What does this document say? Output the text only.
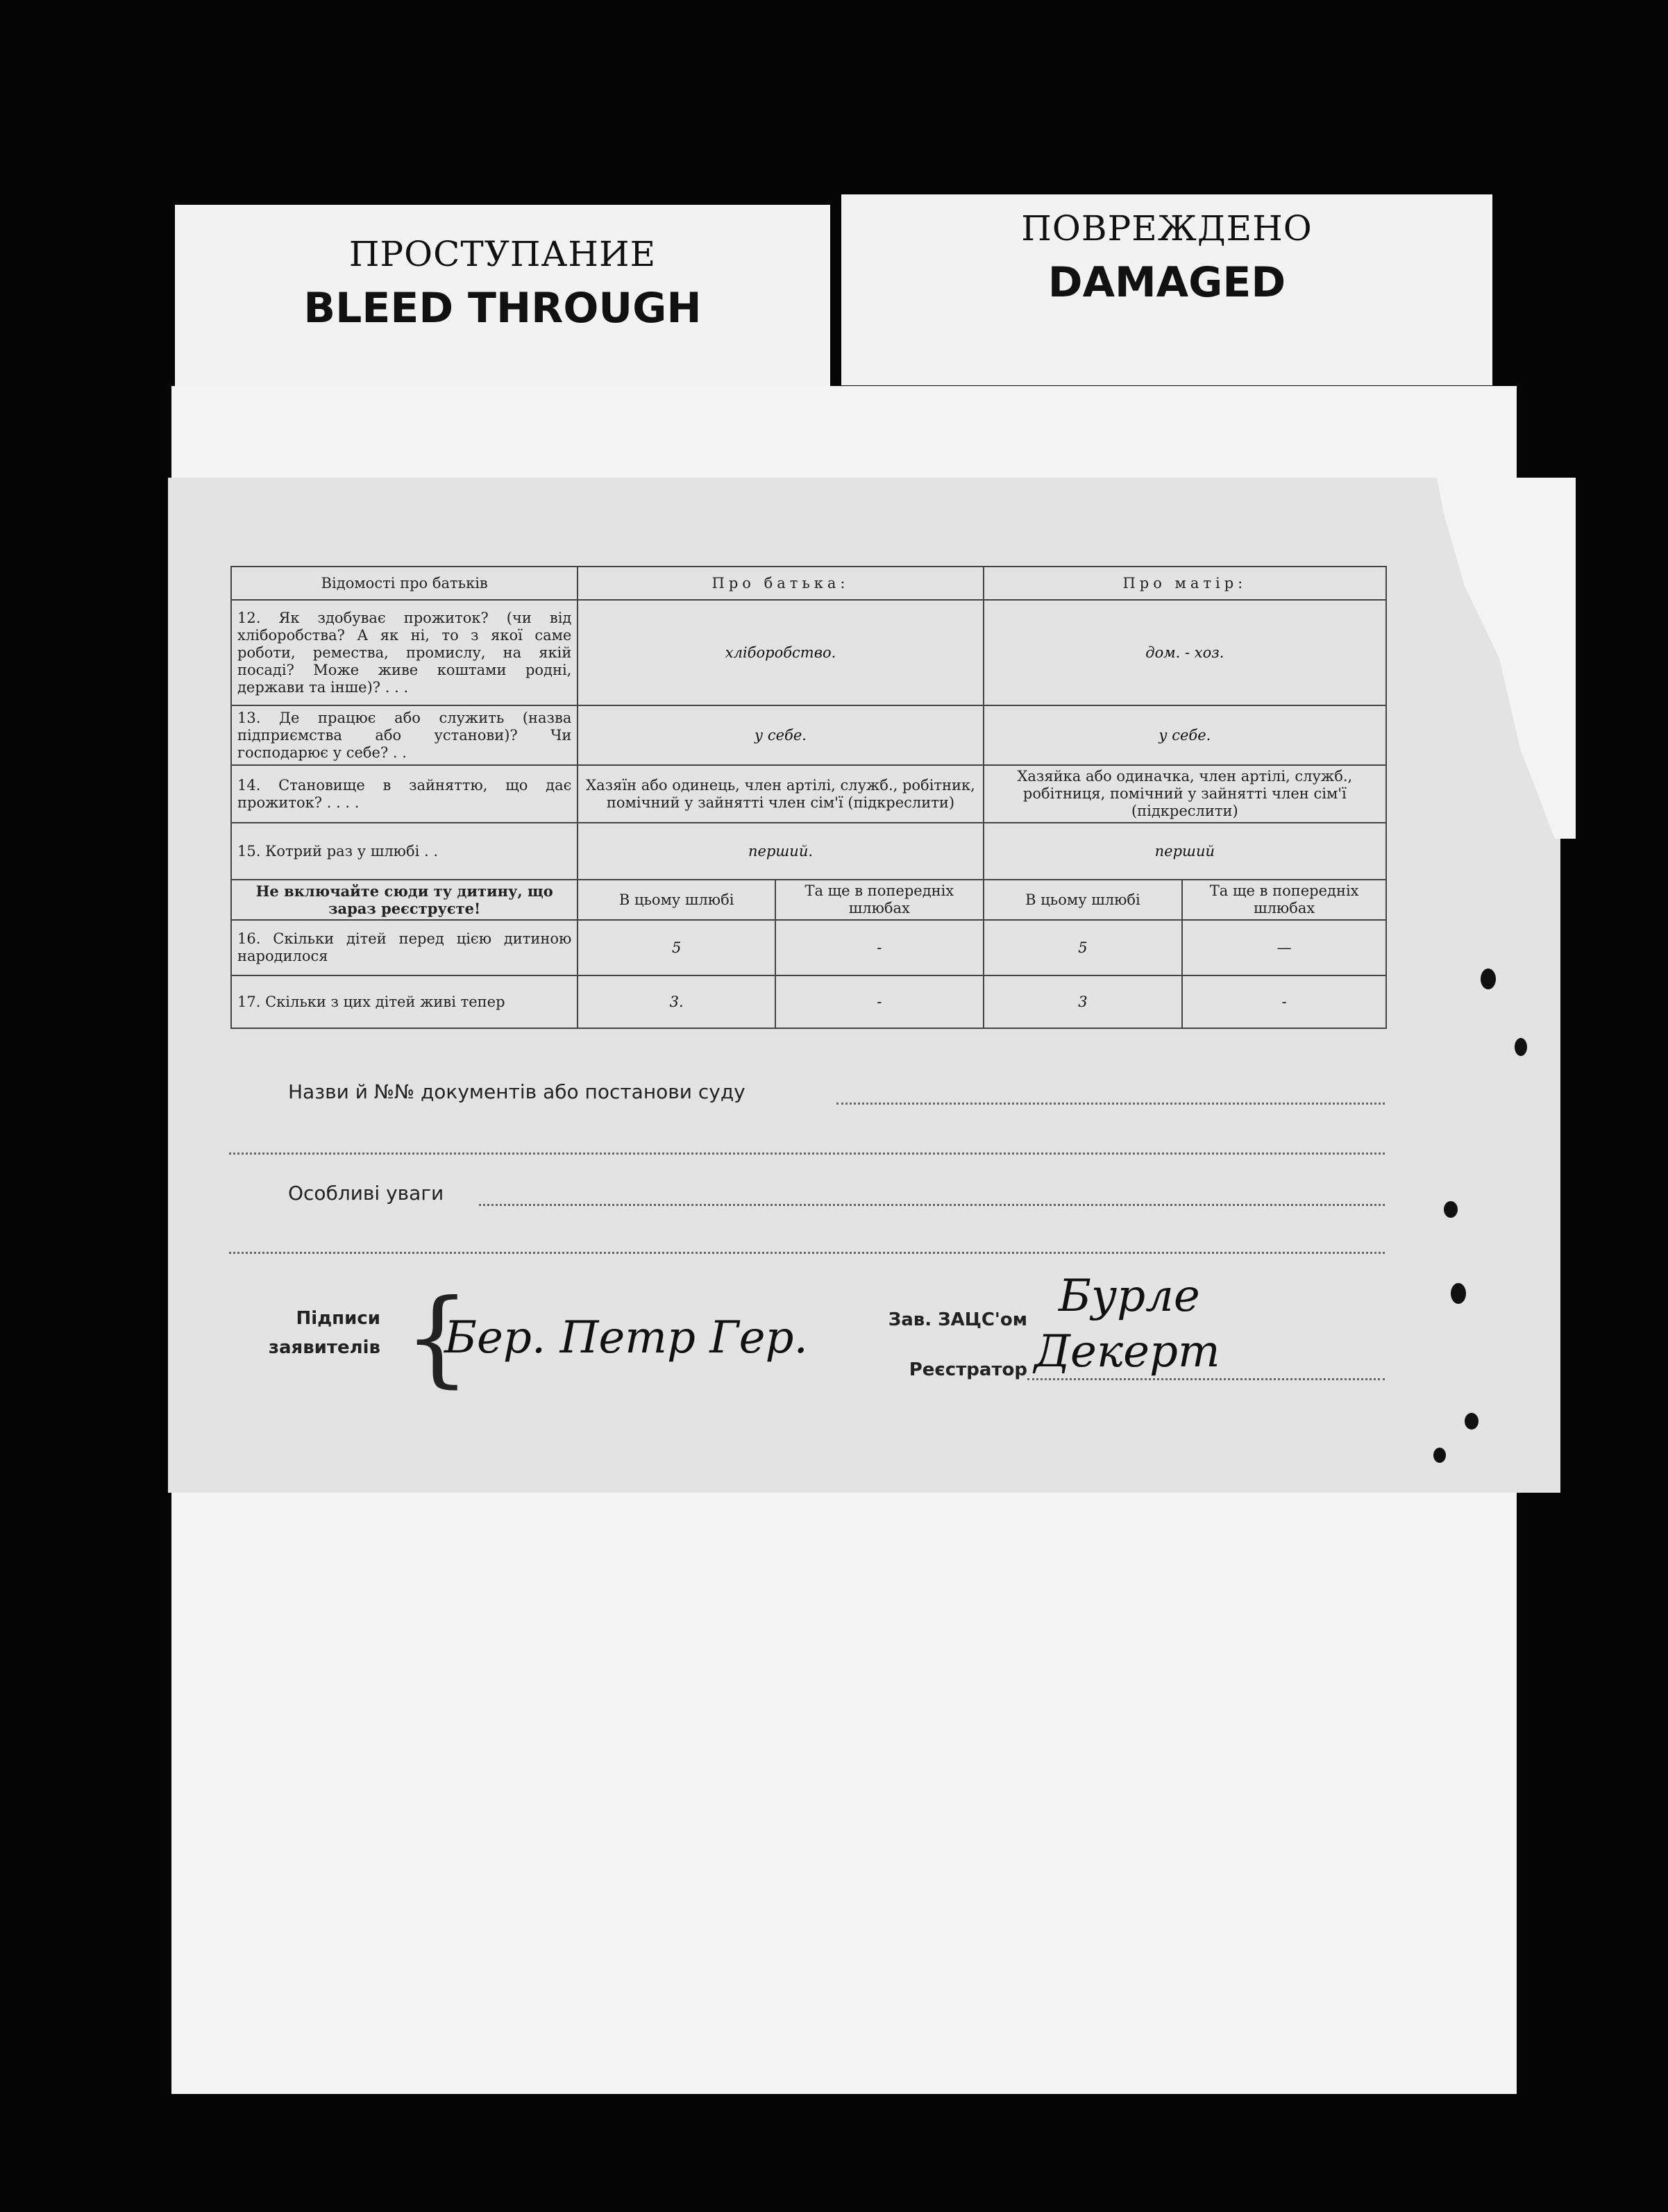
ПРОСТУПАНИЕ
BLEED THROUGH
ПОВРЕЖДЕНО
DAMAGED
Відомості про батьків	Про батька:		Про матір:	
12. Як здобуває прожиток? (чи від хліборобства? А як ні, то з якої саме роботи, ремества, промислу, на якій посаді? Може живе коштами родні, держави та інше)? . . .	хліборобство.		дом. - хоз.	
13. Де працює або служить (назва підприємства або установи)? Чи господарює у себе? . .	у себе.		у себе.	
14. Становище в зайняттю, що дає прожиток? . . . .	Хазяїн або одинець, член артілі, служб., робітник, помічний у зайнятті член сім'ї (підкреслити)		Хазяйка або одиначка, член артілі, служб., робітниця, помічний у зайнятті член сім'ї (підкреслити)	
15. Котрий раз у шлюбі . .	перший.		перший	
Не включайте сюди ту дитину, що зараз реєструєте!	В цьому шлюбі	Та ще в попередніх шлюбах	В цьому шлюбі	Та ще в попередніх шлюбах
16. Скільки дітей перед цією дитиною народилося	5	-	5	—
17. Скільки з цих дітей живі тепер	3.	-	3	-
Назви й №№ документів або постанови суду
Особливі уваги
Підписи
заявителів {
Бер. Петр Гер.	Зав. ЗАЦС'ом Бурле
Реєстратор Декерт
